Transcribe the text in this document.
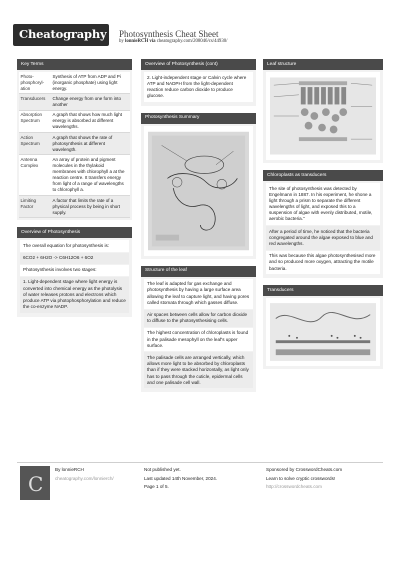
Cheatography Photosynthesis Cheat Sheet
by lonnieRCH via cheatography.com/208046/cs/44930/
Key Terms
Photophosphorylation	Synthesis of ATP from ADP and Pi (inorganic phosphate) using light energy.
Transducers	Change energy from one form into another
Absorption Spectrum	A graph that shows how much light energy is absorbed at different wavelengths.
Action Spectrum	A graph that shows the rate of photosynthesis at different wavelength.
Antenna Complex	An array of protein and pigment molecules in the thylakoid membranes with chlorophyll a at the reaction centre. It transfers energy from light of a range of wavelengths to chlorophyll a.
Limiting Factor	A factor that limits the rate of a physical process by being in short supply.
Overview of Photosynthesis
The overall equation for photosynthesis is:
6CO2 + 6H2O -> C6H12O6 + 6O2
Photosynthesis involves two stages:
1. Light-dependent stage where light energy is converted into chemical energy as the photolysis of water releases protons and electrons which produce ATP via photophosphorylation and reduce the co-enzyme NADP.
Overview of Photosynthesis (cont)
2. Light-independent stage or Calvin cycle where ATP and NADPH from the light-dependent reaction reduce carbon dioxide to produce glucose.
Photosynthesis Summary
Structure of the leaf
The leaf is adapted for gas exchange and photosynthesis by having a large surface area allowing the leaf to capture light, and having pores called stomata through which gasses diffuse.
Air spaces between cells allow for carbon dioxide to diffuse to the photosynthesising cells.
The highest concentration of chloroplasts is found in the palisade mesophyll on the leaf's upper surface.
The palisade cells are arranged vertically, which allows more light to be absorbed by chloroplasts than if they were stacked horizontally, as light only has to pass through the cuticle, epidermal cells and one palisade cell wall.
Leaf structure
Chloroplasts as transducers
The site of photosynthesis was detected by Engelmann in 1887. In his experiment, he shone a light through a prism to separate the different wavelengths of light, and exposed this to a suspension of algae with evenly distributed, motile, aerobic bacteria."
After a period of time, he noticed that the bacteria congregated around the algae exposed to blue and red wavelengths.
This was because this algae photosynthesised more and so produced more oxygen, attracting the motile bacteria.
Transducers
C
By lonnieRCH
cheatography.com/lonnierch/
Not published yet.
Last updated 14th November, 2024.
Page 1 of 5.
Sponsored by CrosswordCheats.com
Learn to solve cryptic crosswords!
http://crosswordcheats.com
